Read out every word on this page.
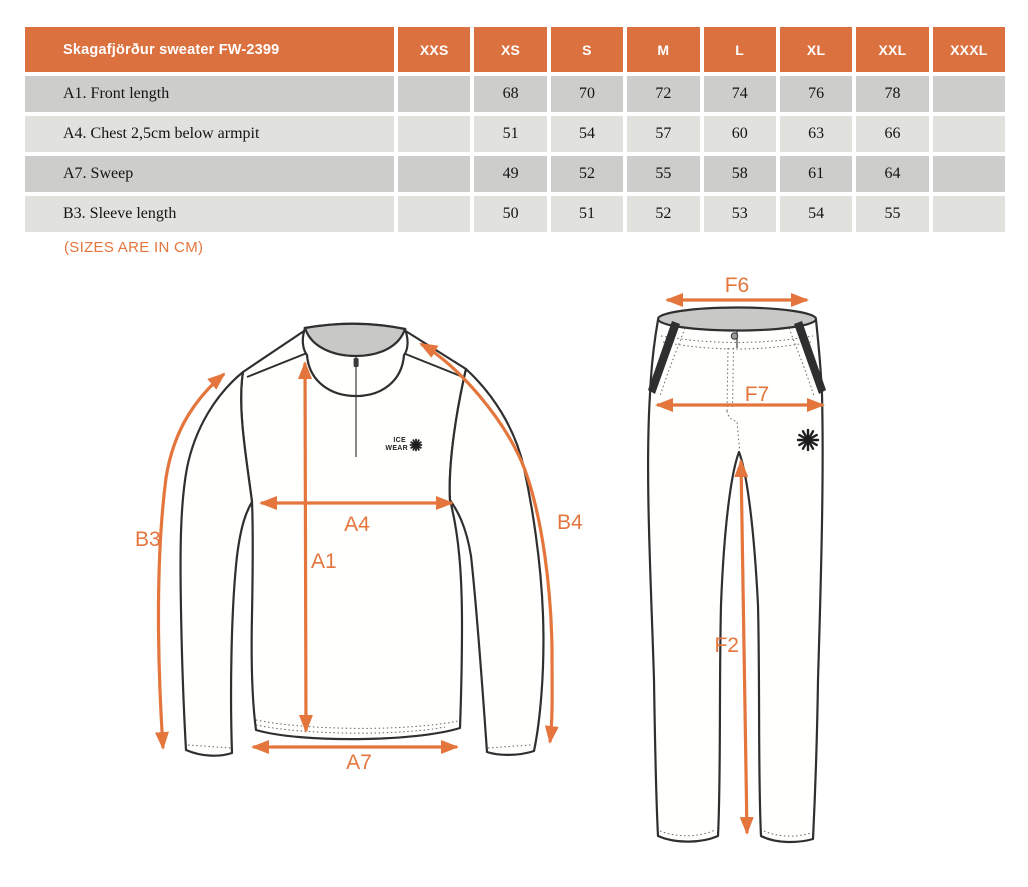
Skagafjörður sweater FW-2399	XXS	XS	S	M	L	XL	XXL	XXXL
A1. Front length		68	70	72	74	76	78	
A4. Chest 2,5cm below armpit		51	54	57	60	63	66	
A7. Sweep		49	52	55	58	61	64	
B3. Sleeve length		50	51	52	53	54	55	
(SIZES ARE IN CM)
ICE
WEAR
A1
A4
A7
B3
B4
F6
F7
F2
